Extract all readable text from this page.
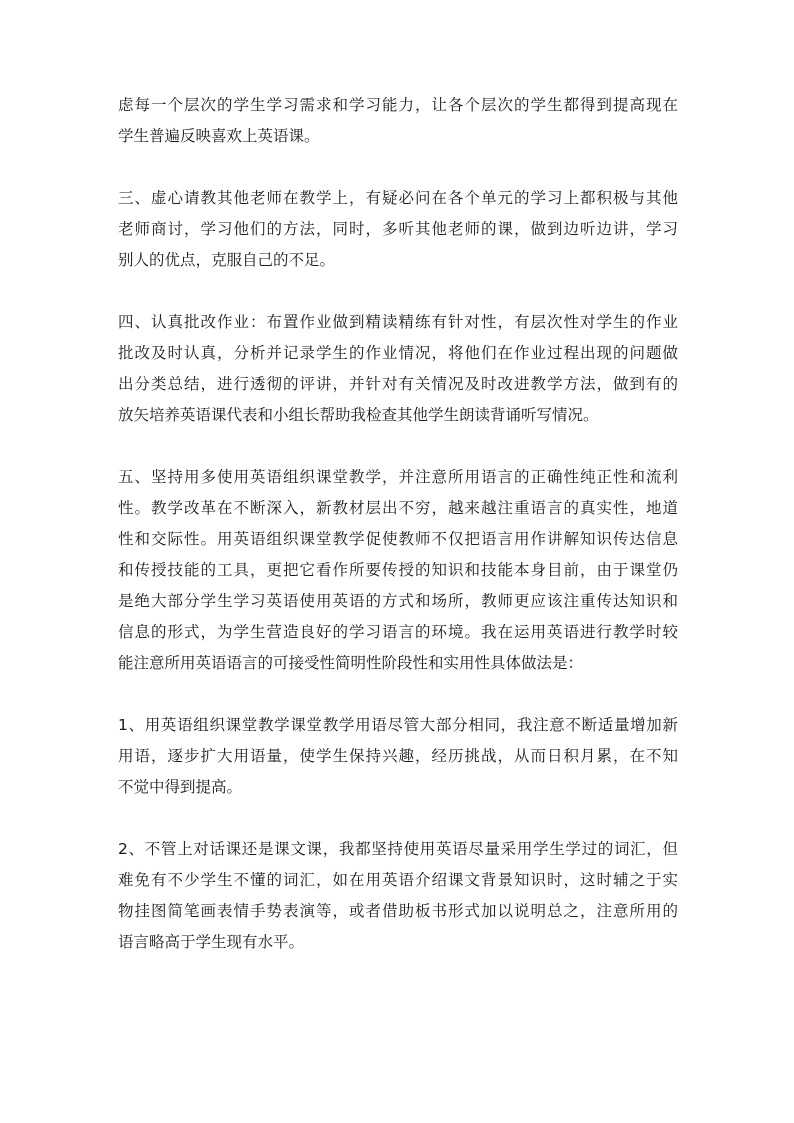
虑每一个层次的学生学习需求和学习能力，让各个层次的学生都得到提高现在
学生普遍反映喜欢上英语课。
三、虚心请教其他老师在教学上，有疑必问在各个单元的学习上都积极与其他
老师商讨，学习他们的方法，同时，多听其他老师的课，做到边听边讲，学习
别人的优点，克服自己的不足。
四、认真批改作业：布置作业做到精读精练有针对性，有层次性对学生的作业
批改及时认真，分析并记录学生的作业情况，将他们在作业过程出现的问题做
出分类总结，进行透彻的评讲，并针对有关情况及时改进教学方法，做到有的
放矢培养英语课代表和小组长帮助我检查其他学生朗读背诵听写情况。
五、坚持用多使用英语组织课堂教学，并注意所用语言的正确性纯正性和流利
性。教学改革在不断深入，新教材层出不穷，越来越注重语言的真实性，地道
性和交际性。用英语组织课堂教学促使教师不仅把语言用作讲解知识传达信息
和传授技能的工具，更把它看作所要传授的知识和技能本身目前，由于课堂仍
是绝大部分学生学习英语使用英语的方式和场所，教师更应该注重传达知识和
信息的形式，为学生营造良好的学习语言的环境。我在运用英语进行教学时较
能注意所用英语语言的可接受性简明性阶段性和实用性具体做法是：
1、用英语组织课堂教学课堂教学用语尽管大部分相同，我注意不断适量增加新
用语，逐步扩大用语量，使学生保持兴趣，经历挑战，从而日积月累，在不知
不觉中得到提高。
2、不管上对话课还是课文课，我都坚持使用英语尽量采用学生学过的词汇，但
难免有不少学生不懂的词汇，如在用英语介绍课文背景知识时，这时辅之于实
物挂图简笔画表情手势表演等，或者借助板书形式加以说明总之，注意所用的
语言略高于学生现有水平。
